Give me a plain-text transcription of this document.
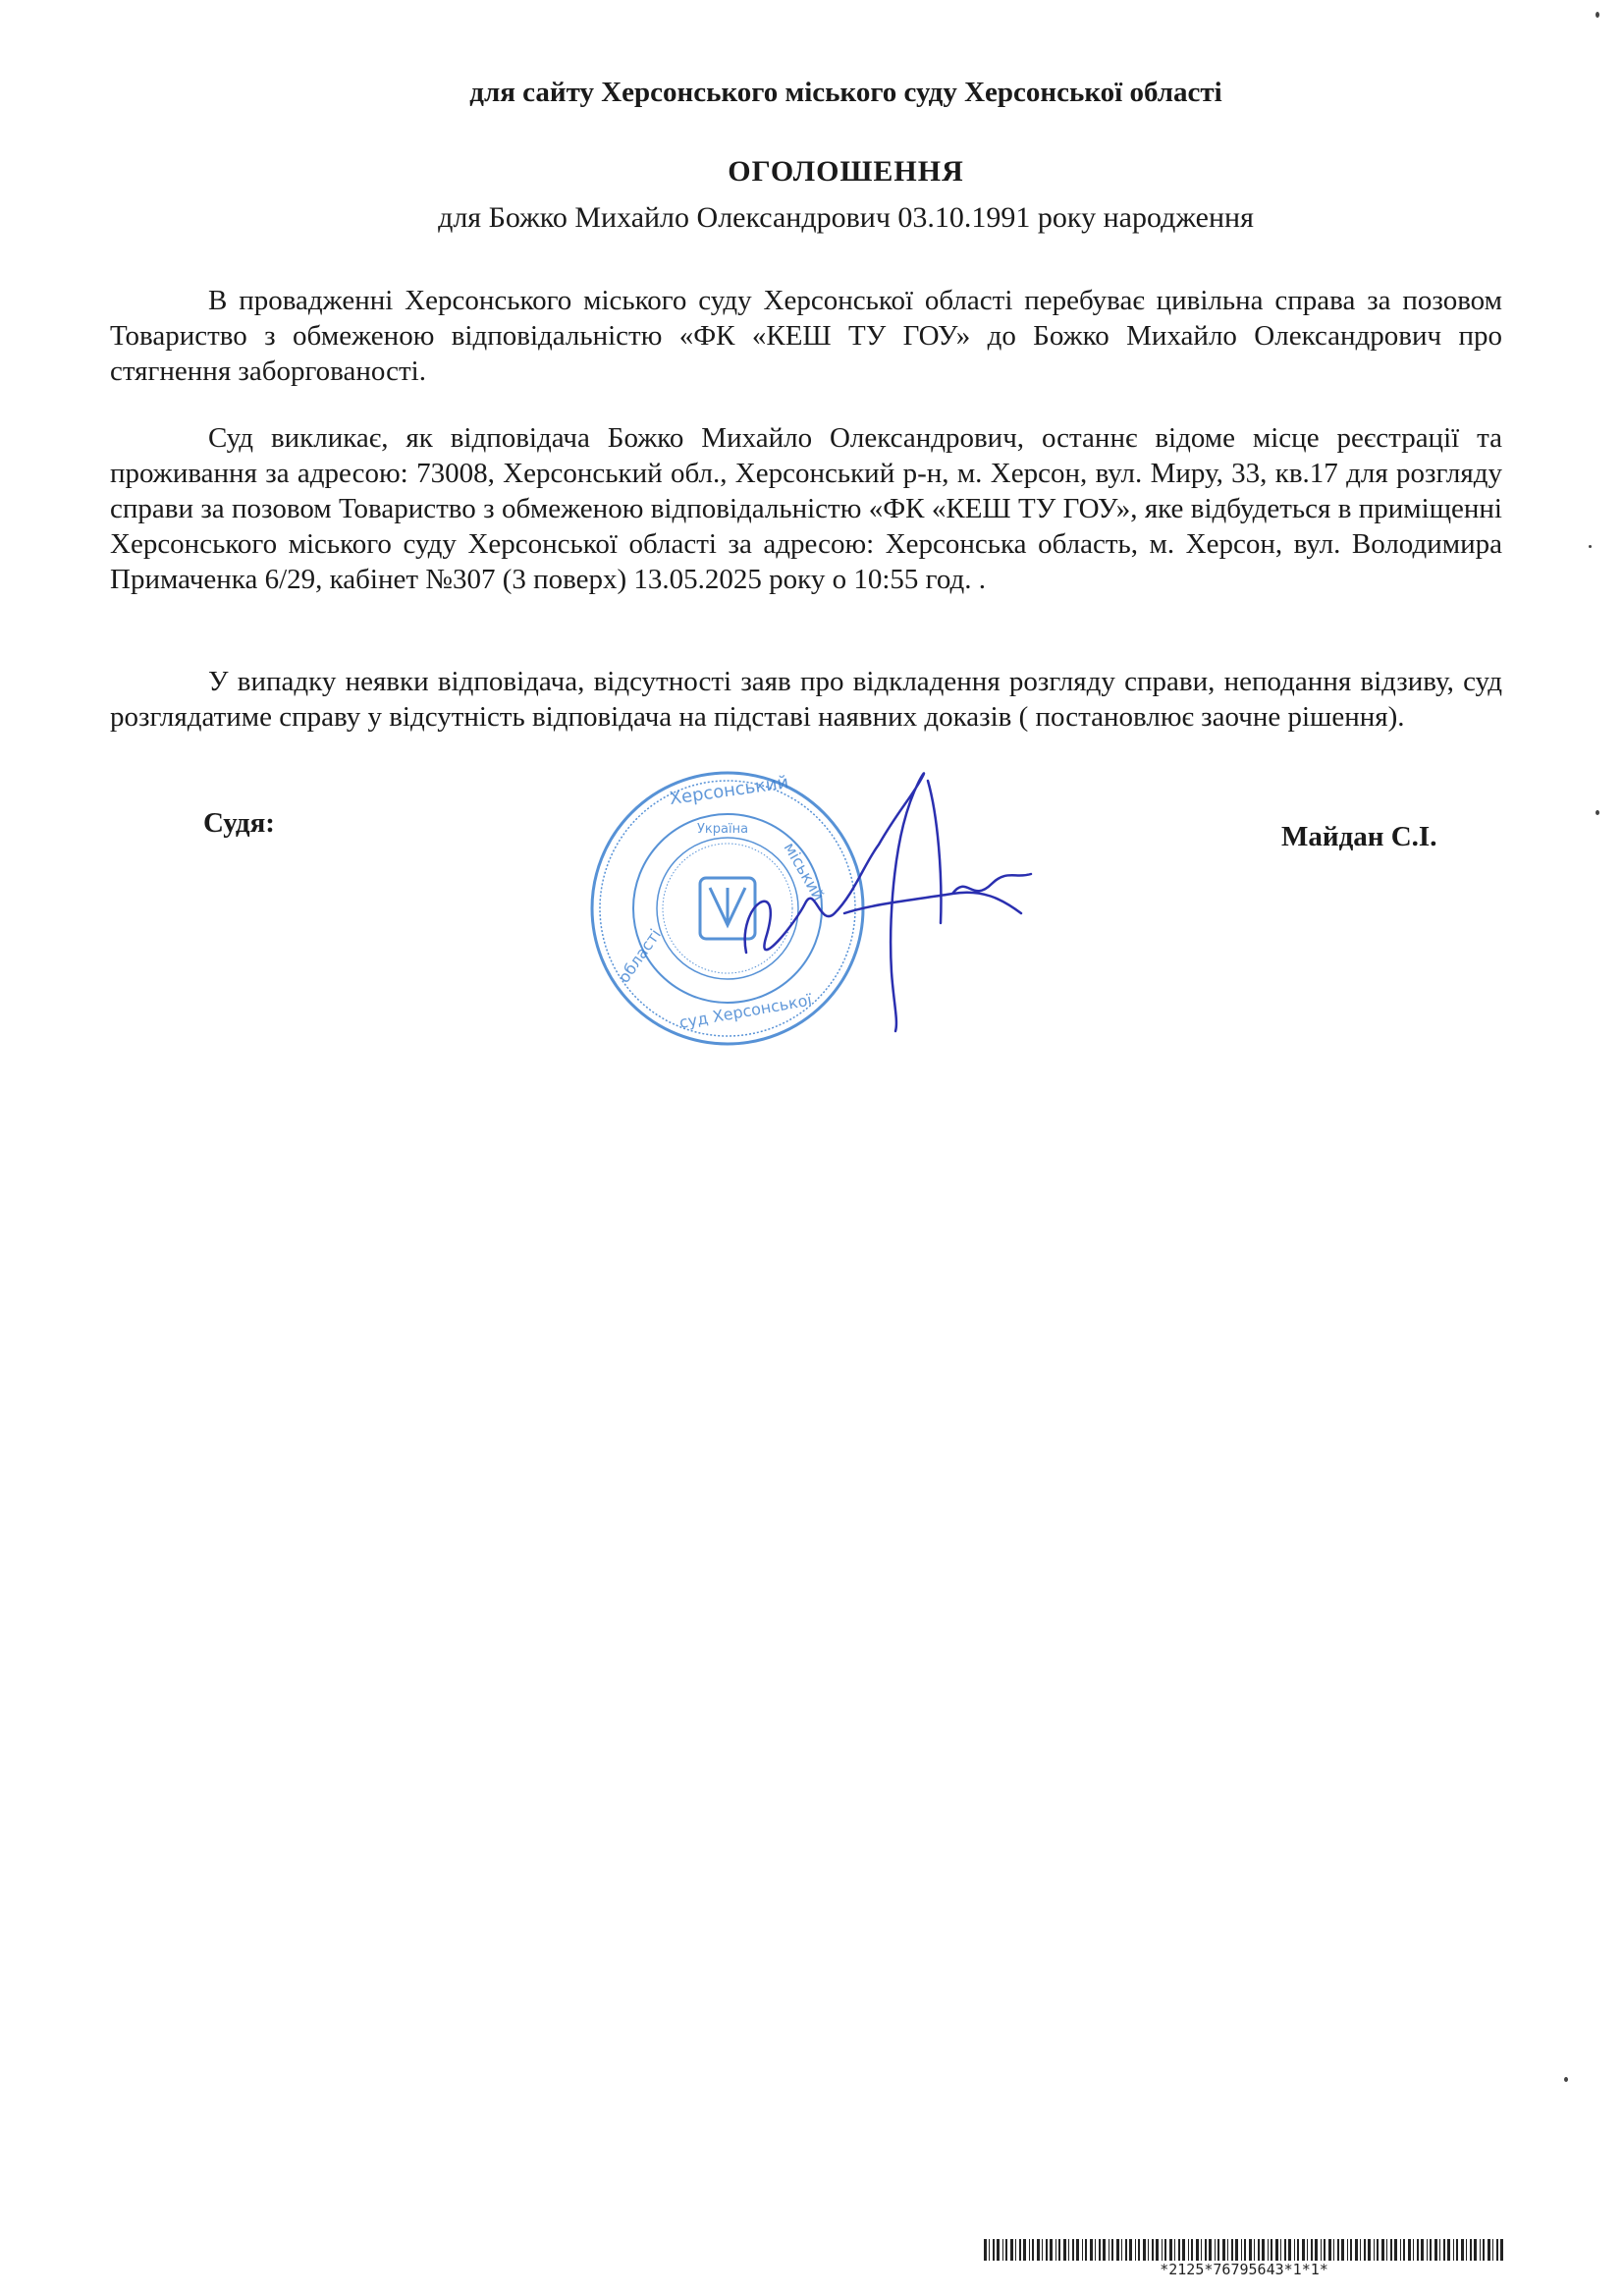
для сайту Херсонського міського суду Херсонської області
ОГОЛОШЕННЯ
для Божко Михайло Олександрович 03.10.1991 року народження

В провадженні Херсонського міського суду Херсонської області перебуває цивільна справа за позовом Товариство з обмеженою відповідальністю «ФК «КЕШ ТУ ГОУ» до Божко Михайло Олександрович про стягнення заборгованості.

Суд викликає, як відповідача Божко Михайло Олександрович, останнє відоме місце реєстрації та проживання за адресою: 73008, Херсонський обл., Херсонський р-н, м. Херсон, вул. Миру, 33, кв.17 для розгляду справи за позовом Товариство з обмеженою відповідальністю «ФК «КЕШ ТУ ГОУ», яке відбудеться в приміщенні Херсонського міського суду Херсонської області за адресою: Херсонська область, м. Херсон, вул. Володимира Примаченка 6/29, кабінет №307 (3 поверх) 13.05.2025 року о 10:55 год. .

У випадку неявки відповідача, відсутності заяв про відкладення розгляду справи, неподання відзиву, суд розглядатиме справу у відсутність відповідача на підставі наявних доказів ( постановлює заочне рішення).

Судя:
Херсонський
міський
області
суд Херсонської
Україна	Майдан С.І.
*2125*76795643*1*1*
